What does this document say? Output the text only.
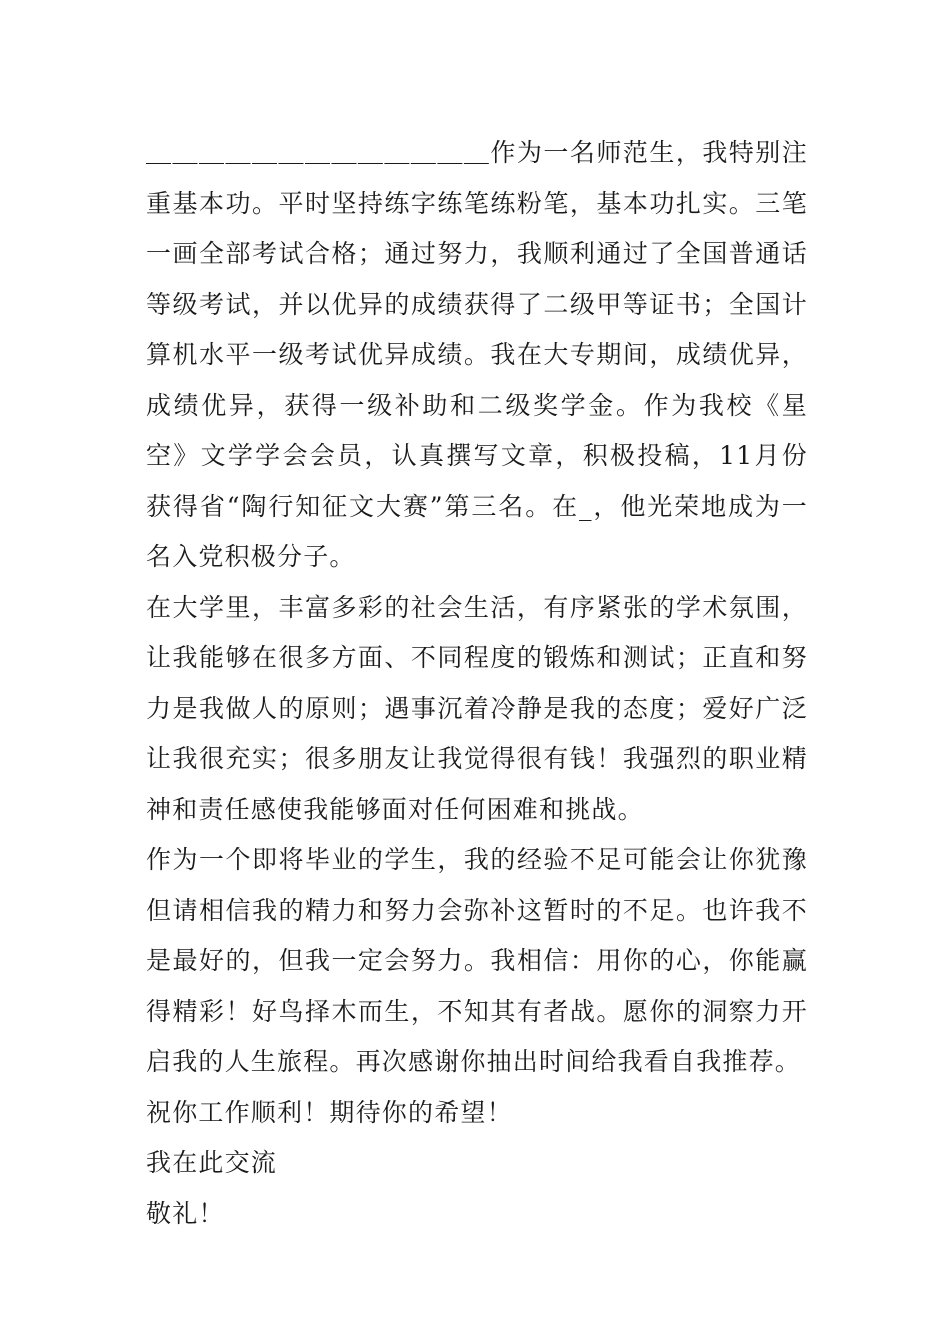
＿＿＿＿＿＿＿＿＿＿＿＿＿作为一名师范生，我特别注重基本功。平时坚持练字练笔练粉笔，基本功扎实。三笔一画全部考试合格；通过努力，我顺利通过了全国普通话等级考试，并以优异的成绩获得了二级甲等证书；全国计算机水平一级考试优异成绩。我在大专期间，成绩优异，成绩优异，获得一级补助和二级奖学金。作为我校《星空》文学学会会员，认真撰写文章，积极投稿，11月份获得省“陶行知征文大赛”第三名。在_，他光荣地成为一名入党积极分子。

在大学里，丰富多彩的社会生活，有序紧张的学术氛围，让我能够在很多方面、不同程度的锻炼和测试；正直和努力是我做人的原则；遇事沉着冷静是我的态度；爱好广泛让我很充实；很多朋友让我觉得很有钱！我强烈的职业精神和责任感使我能够面对任何困难和挑战。

作为一个即将毕业的学生，我的经验不足可能会让你犹豫但请相信我的精力和努力会弥补这暂时的不足。也许我不是最好的，但我一定会努力。我相信：用你的心，你能赢得精彩！好鸟择木而生，不知其有者战。愿你的洞察力开启我的人生旅程。再次感谢你抽出时间给我看自我推荐。

祝你工作顺利！期待你的希望！

我在此交流

敬礼！
